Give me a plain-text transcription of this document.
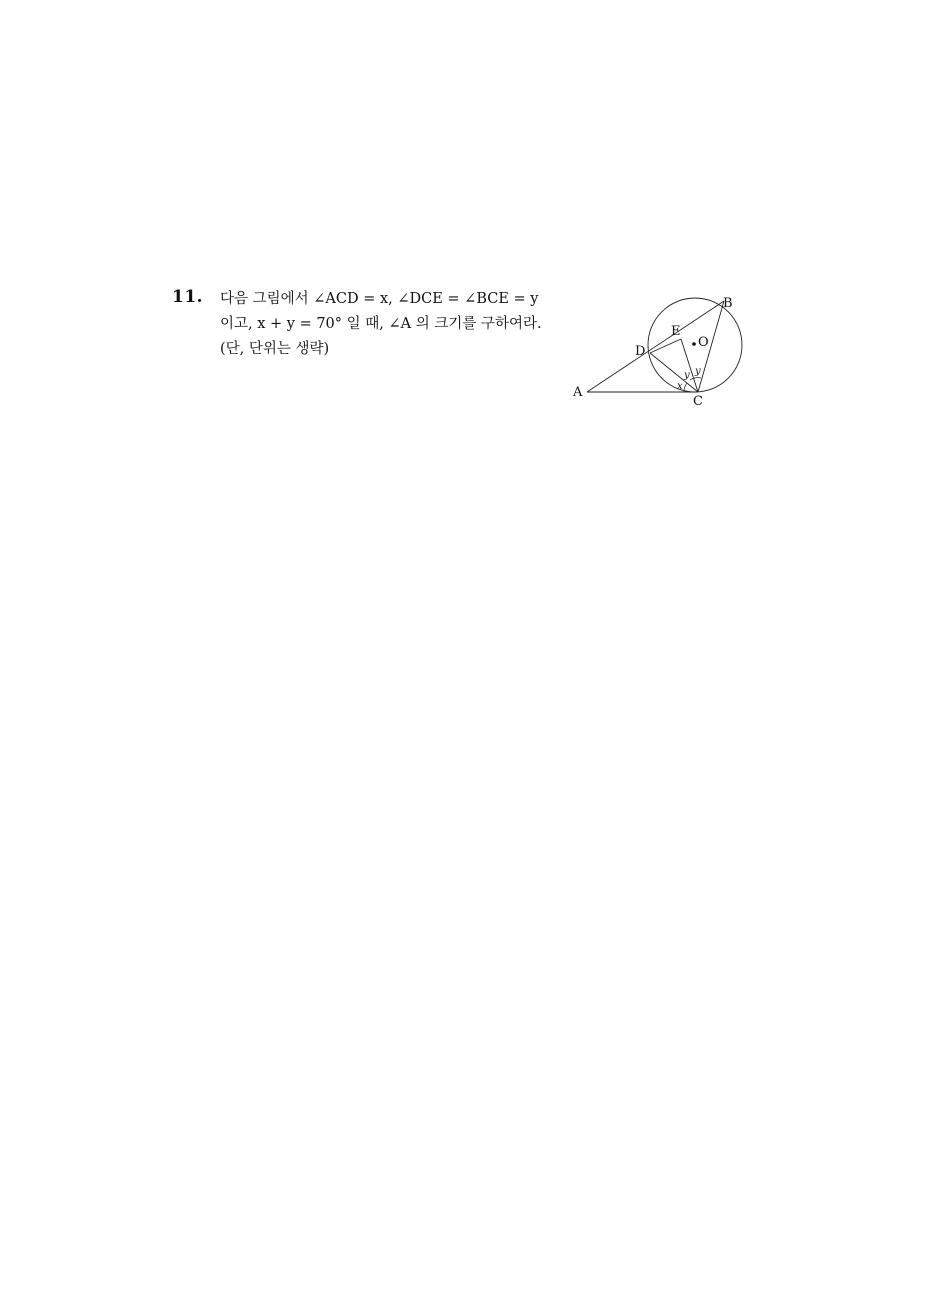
11. 다음 그림에서 ∠ACD = x, ∠DCE = ∠BCE = y
이고, x + y = 70° 일 때, ∠A 의 크기를 구하여라.
(단, 단위는 생략)
A
B
C
D
E
O
x
y y
